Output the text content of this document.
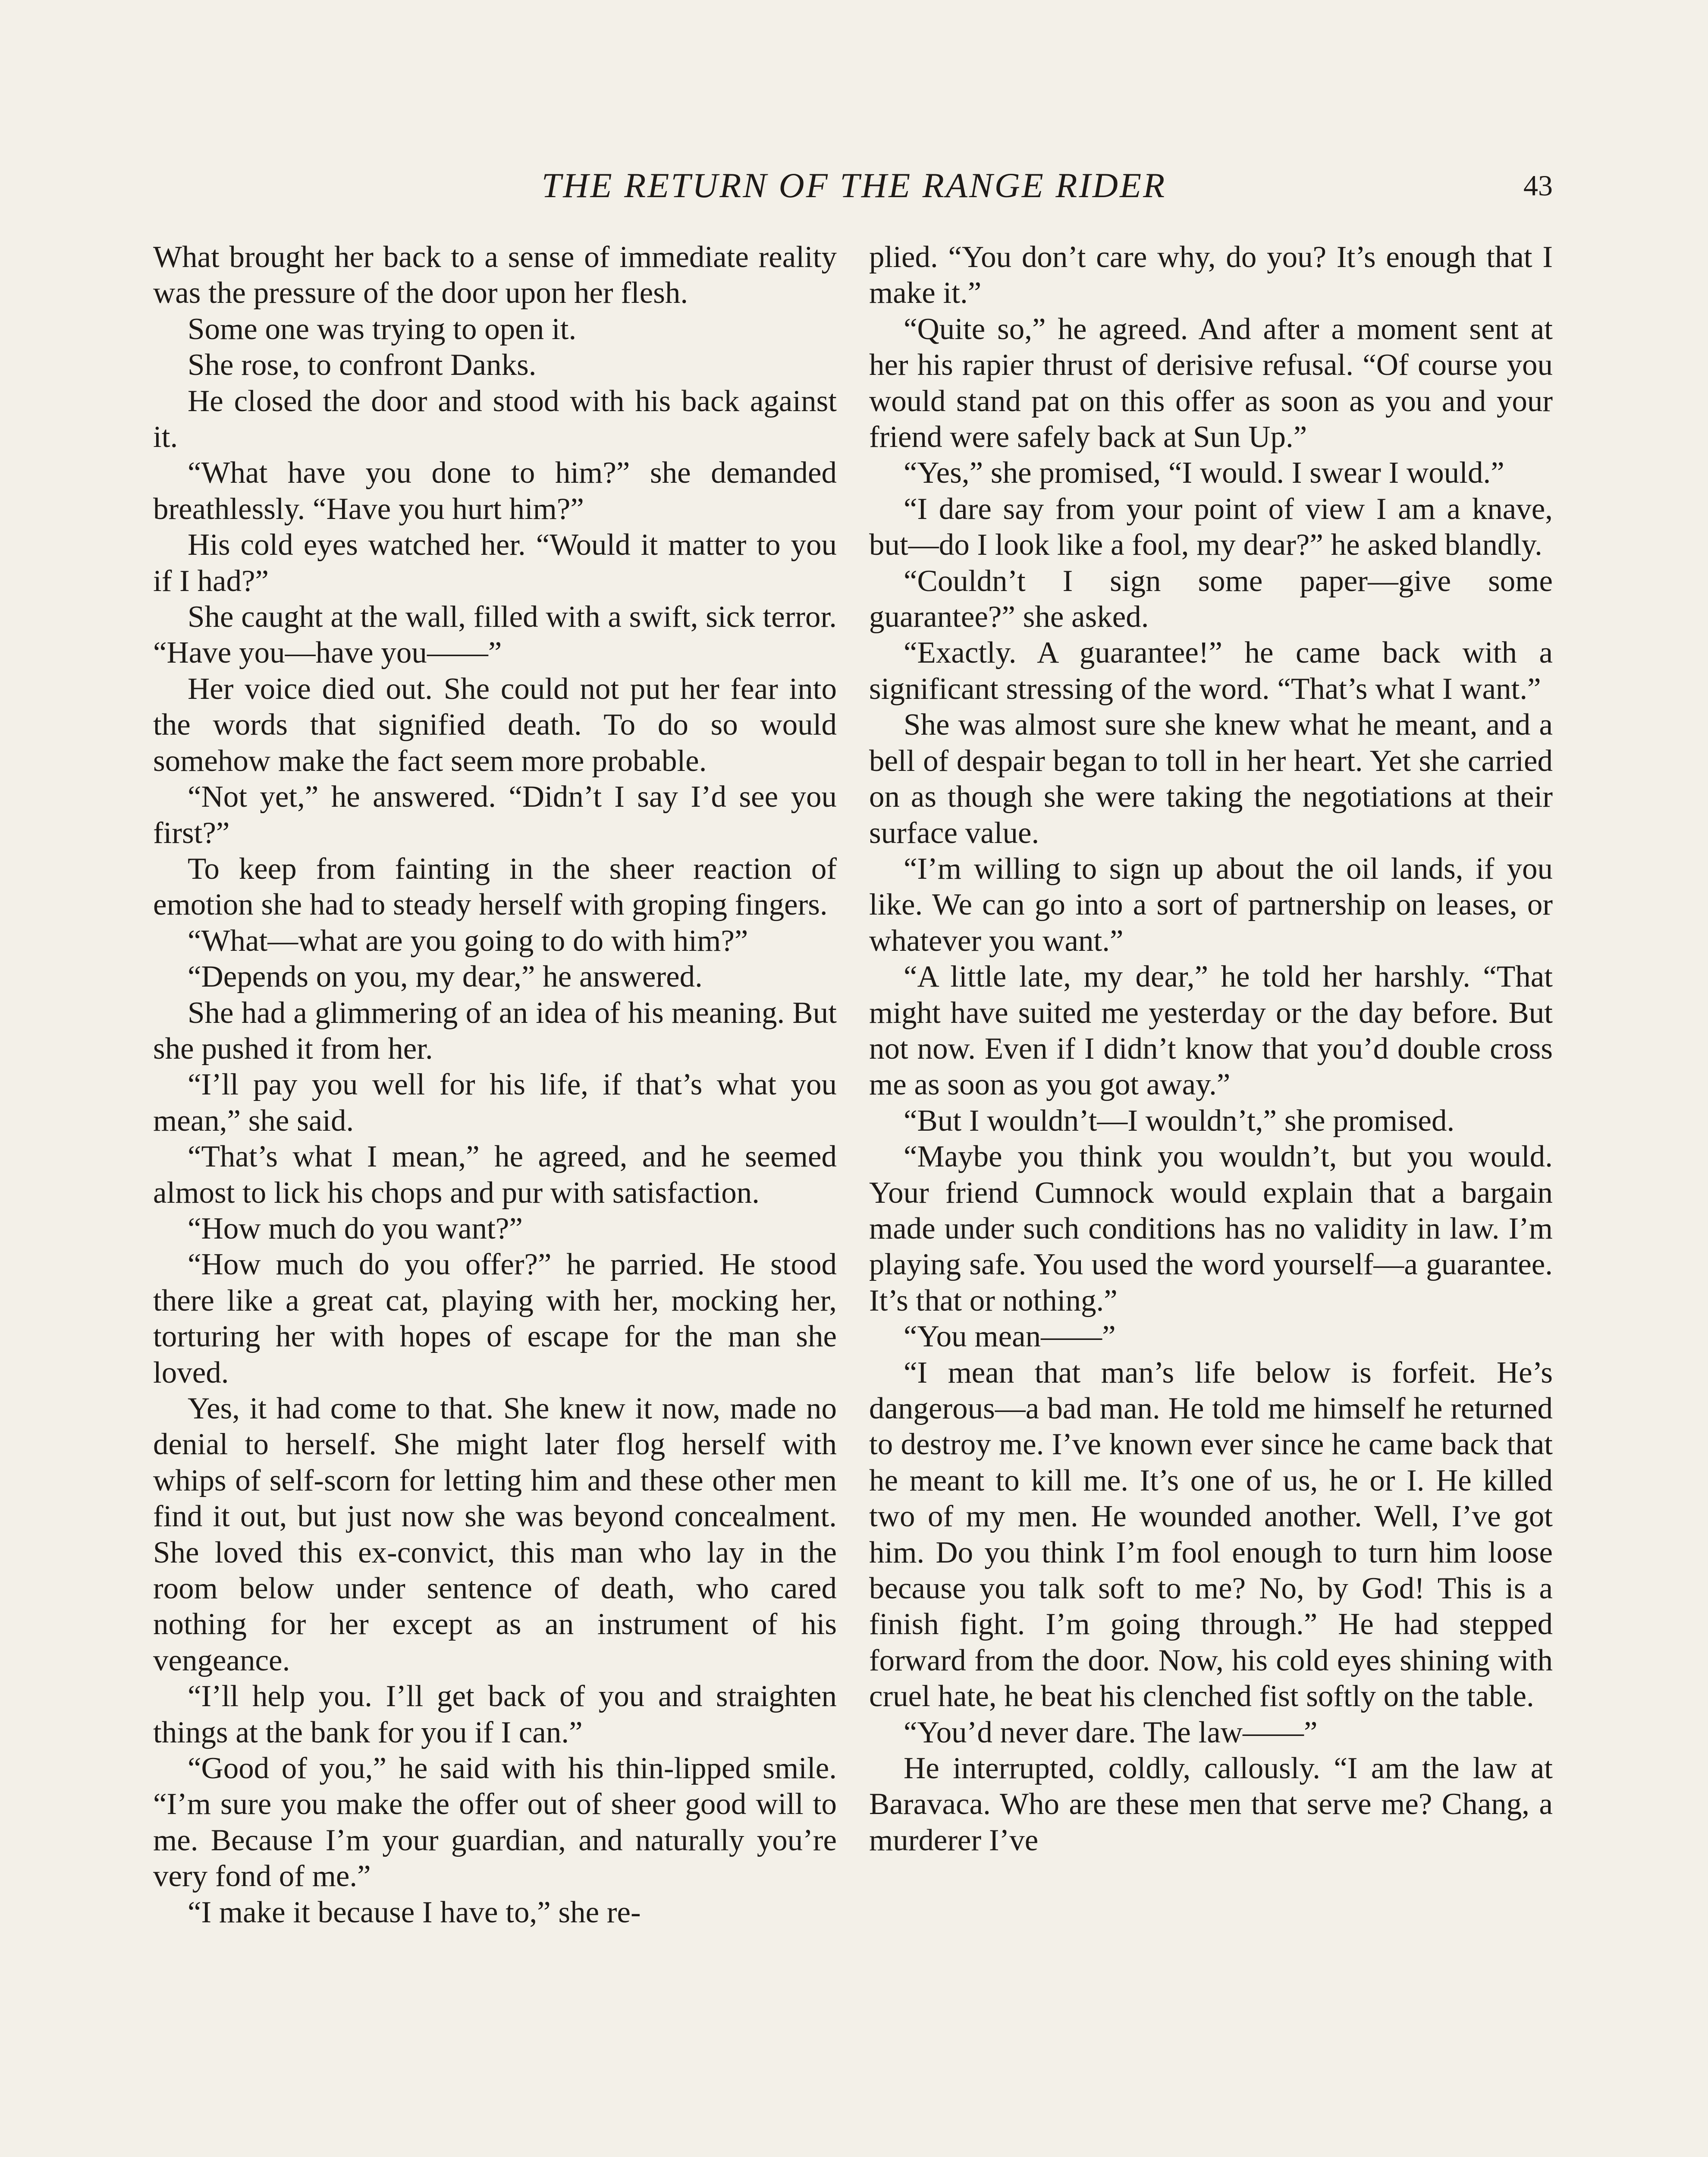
THE RETURN OF THE RANGE RIDER	43

What brought her back to a sense of immediate reality was the pressure of the door upon her flesh.

Some one was trying to open it.

She rose, to confront Danks.

He closed the door and stood with his back against it.

“What have you done to him?” she demanded breathlessly. “Have you hurt him?”

His cold eyes watched her. “Would it matter to you if I had?”

She caught at the wall, filled with a swift, sick terror. “Have you—have you——”

Her voice died out. She could not put her fear into the words that signified death. To do so would somehow make the fact seem more probable.

“Not yet,” he answered. “Didn’t I say I’d see you first?”

To keep from fainting in the sheer reaction of emotion she had to steady herself with groping fingers.

“What—what are you going to do with him?”

“Depends on you, my dear,” he answered.

She had a glimmering of an idea of his meaning. But she pushed it from her.

“I’ll pay you well for his life, if that’s what you mean,” she said.

“That’s what I mean,” he agreed, and he seemed almost to lick his chops and pur with satisfaction.

“How much do you want?”

“How much do you offer?” he parried. He stood there like a great cat, playing with her, mocking her, torturing her with hopes of escape for the man she loved.

Yes, it had come to that. She knew it now, made no denial to herself. She might later flog herself with whips of self-scorn for letting him and these other men find it out, but just now she was beyond concealment. She loved this ex-convict, this man who lay in the room below under sentence of death, who cared nothing for her except as an instrument of his vengeance.

“I’ll help you. I’ll get back of you and straighten things at the bank for you if I can.”

“Good of you,” he said with his thin-lipped smile. “I’m sure you make the offer out of sheer good will to me. Because I’m your guardian, and naturally you’re very fond of me.”

“I make it because I have to,” she re-

plied. “You don’t care why, do you? It’s enough that I make it.”

“Quite so,” he agreed. And after a moment sent at her his rapier thrust of derisive refusal. “Of course you would stand pat on this offer as soon as you and your friend were safely back at Sun Up.”

“Yes,” she promised, “I would. I swear I would.”

“I dare say from your point of view I am a knave, but—do I look like a fool, my dear?” he asked blandly.

“Couldn’t I sign some paper—give some guarantee?” she asked.

“Exactly. A guarantee!” he came back with a significant stressing of the word. “That’s what I want.”

She was almost sure she knew what he meant, and a bell of despair began to toll in her heart. Yet she carried on as though she were taking the negotiations at their surface value.

“I’m willing to sign up about the oil lands, if you like. We can go into a sort of partnership on leases, or whatever you want.”

“A little late, my dear,” he told her harshly. “That might have suited me yesterday or the day before. But not now. Even if I didn’t know that you’d double cross me as soon as you got away.”

“But I wouldn’t—I wouldn’t,” she promised.

“Maybe you think you wouldn’t, but you would. Your friend Cumnock would explain that a bargain made under such conditions has no validity in law. I’m playing safe. You used the word yourself—a guarantee. It’s that or nothing.”

“You mean——”

“I mean that man’s life below is forfeit. He’s dangerous—a bad man. He told me himself he returned to destroy me. I’ve known ever since he came back that he meant to kill me. It’s one of us, he or I. He killed two of my men. He wounded another. Well, I’ve got him. Do you think I’m fool enough to turn him loose because you talk soft to me? No, by God! This is a finish fight. I’m going through.” He had stepped forward from the door. Now, his cold eyes shining with cruel hate, he beat his clenched fist softly on the table.

“You’d never dare. The law——”

He interrupted, coldly, callously. “I am the law at Baravaca. Who are these men that serve me? Chang, a murderer I’ve
